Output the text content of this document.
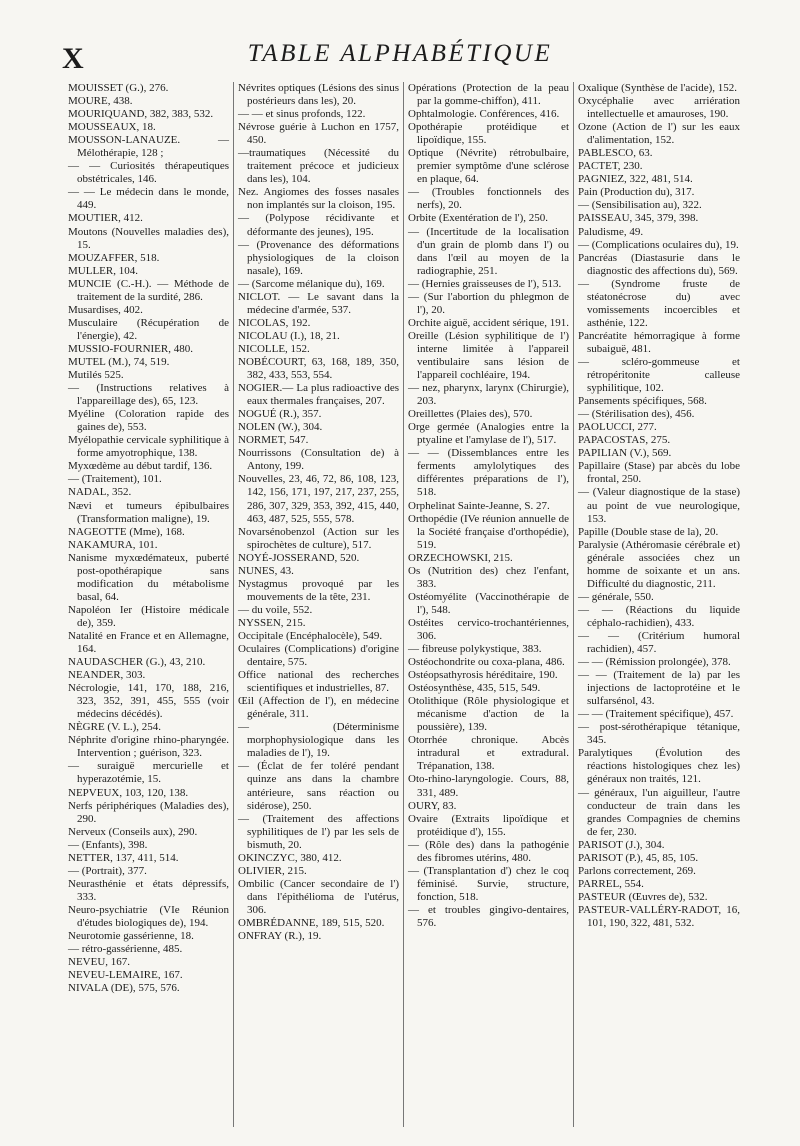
X	TABLE ALPHABÉTIQUE

MOUISSET (G.), 276.

MOURE, 438.

MOURIQUAND, 382, 383, 532.

MOUSSEAUX, 18.

MOUSSON-LANAUZE. — Mélothérapie, 128 ;

— — Curiosités thérapeutiques obstétricales, 146.

— — Le médecin dans le monde, 449.

MOUTIER, 412.

Moutons (Nouvelles maladies des), 15.

MOUZAFFER, 518.

MULLER, 104.

MUNCIE (C.-H.). — Méthode de traitement de la surdité, 286.

Musardises, 402.

Musculaire (Récupération de l'énergie), 42.

MUSSIO-FOURNIER, 480.

MUTEL (M.), 74, 519.

Mutilés 525.

— (Instructions relatives à l'appareillage des), 65, 123.

Myéline (Coloration rapide des gaines de), 553.

Myélopathie cervicale syphilitique à forme amyotrophique, 138.

Myxœdème au début tardif, 136.

— (Traitement), 101.

NADAL, 352.

Nævi et tumeurs épibulbaires (Transformation maligne), 19.

NAGEOTTE (Mme), 168.

NAKAMURA, 101.

Nanisme myxœdémateux, puberté post-opothérapique sans modification du métabolisme basal, 64.

Napoléon Ier (Histoire médicale de), 359.

Natalité en France et en Allemagne, 164.

NAUDASCHER (G.), 43, 210.

NEANDER, 303.

Nécrologie, 141, 170, 188, 216, 323, 352, 391, 455, 555 (voir médecins décédés).

NÈGRE (V. L.), 254.

Néphrite d'origine rhino-pharyngée. Intervention ; guérison, 323.

— suraiguë mercurielle et hyperazotémie, 15.

NEPVEUX, 103, 120, 138.

Nerfs périphériques (Maladies des), 290.

Nerveux (Conseils aux), 290.

— (Enfants), 398.

NETTER, 137, 411, 514.

— (Portrait), 377.

Neurasthénie et états dépressifs, 333.

Neuro-psychiatrie (VIe Réunion d'études biologiques de), 194.

Neurotomie gassérienne, 18.

— rétro-gassérienne, 485.

NEVEU, 167.

NEVEU-LEMAIRE, 167.

NIVALA (DE), 575, 576.

Névrites optiques (Lésions des sinus postérieurs dans les), 20.

— — et sinus profonds, 122.

Névrose guérie à Luchon en 1757, 450.

—traumatiques (Nécessité du traitement précoce et judicieux dans les), 104.

Nez. Angiomes des fosses nasales non implantés sur la cloison, 195.

— (Polypose récidivante et déformante des jeunes), 195.

— (Provenance des déformations physiologiques de la cloison nasale), 169.

— (Sarcome mélanique du), 169.

NICLOT. — Le savant dans la médecine d'armée, 537.

NICOLAS, 192.

NICOLAU (I.), 18, 21.

NICOLLE, 152.

NOBÉCOURT, 63, 168, 189, 350, 382, 433, 553, 554.

NOGIER.— La plus radioactive des eaux thermales françaises, 207.

NOGUÉ (R.), 357.

NOLEN (W.), 304.

NORMET, 547.

Nourrissons (Consultation de) à Antony, 199.

Nouvelles, 23, 46, 72, 86, 108, 123, 142, 156, 171, 197, 217, 237, 255, 286, 307, 329, 353, 392, 415, 440, 463, 487, 525, 555, 578.

Novarsénobenzol (Action sur les spirochètes de culture), 517.

NOYÉ-JOSSERAND, 520.

NUNES, 43.

Nystagmus provoqué par les mouvements de la tête, 231.

— du voile, 552.

NYSSEN, 215.

Occipitale (Encéphalocèle), 549.

Oculaires (Complications) d'origine dentaire, 575.

Office national des recherches scientifiques et industrielles, 87.

Œil (Affection de l'), en médecine générale, 311.

— (Déterminisme morphophysiologique dans les maladies de l'), 19.

— (Éclat de fer toléré pendant quinze ans dans la chambre antérieure, sans réaction ou sidérose), 250.

— (Traitement des affections syphilitiques de l') par les sels de bismuth, 20.

OKINCZYC, 380, 412.

OLIVIER, 215.

Ombilic (Cancer secondaire de l') dans l'épithélioma de l'utérus, 306.

OMBRÉDANNE, 189, 515, 520.

ONFRAY (R.), 19.

Opérations (Protection de la peau par la gomme-chiffon), 411.

Ophtalmologie. Conférences, 416.

Opothérapie protéidique et lipoïdique, 155.

Optique (Névrite) rétrobulbaire, premier symptôme d'une sclérose en plaque, 64.

— (Troubles fonctionnels des nerfs), 20.

Orbite (Exentération de l'), 250.

— (Incertitude de la localisation d'un grain de plomb dans l') ou dans l'œil au moyen de la radiographie, 251.

— (Hernies graisseuses de l'), 513.

— (Sur l'abortion du phlegmon de l'), 20.

Orchite aiguë, accident sérique, 191.

Oreille (Lésion syphilitique de l') interne limitée à l'appareil ventibulaire sans lésion de l'appareil cochléaire, 194.

— nez, pharynx, larynx (Chirurgie), 203.

Oreillettes (Plaies des), 570.

Orge germée (Analogies entre la ptyaline et l'amylase de l'), 517.

— — (Dissemblances entre les ferments amylolytiques des différentes préparations de l'), 518.

Orphelinat Sainte-Jeanne, S. 27.

Orthopédie (IVe réunion annuelle de la Société française d'orthopédie), 519.

ORZECHOWSKI, 215.

Os (Nutrition des) chez l'enfant, 383.

Ostéomyélite (Vaccinothérapie de l'), 548.

Ostéites cervico-trochantériennes, 306.

— fibreuse polykystique, 383.

Ostéochondrite ou coxa-plana, 486.

Ostéopsathyrosis héréditaire, 190.

Ostéosynthèse, 435, 515, 549.

Otolithique (Rôle physiologique et mécanisme d'action de la poussière), 139.

Otorrhée chronique. Abcès intradural et extradural. Trépanation, 138.

Oto-rhino-laryngologie. Cours, 88, 331, 489.

OURY, 83.

Ovaire (Extraits lipoïdique et protéidique d'), 155.

— (Rôle des) dans la pathogénie des fibromes utérins, 480.

— (Transplantation d') chez le coq féminisé. Survie, structure, fonction, 518.

— et troubles gingivo-dentaires, 576.

Oxalique (Synthèse de l'acide), 152.

Oxycéphalie avec arriération intellectuelle et amauroses, 190.

Ozone (Action de l') sur les eaux d'alimentation, 152.

PABLESCO, 63.

PACTET, 230.

PAGNIEZ, 322, 481, 514.

Pain (Production du), 317.

— (Sensibilisation au), 322.

PAISSEAU, 345, 379, 398.

Paludisme, 49.

— (Complications oculaires du), 19.

Pancréas (Diastasurie dans le diagnostic des affections du), 569.

— (Syndrome fruste de stéatonécrose du) avec vomissements incoercibles et asthénie, 122.

Pancréatite hémorragique à forme subaiguë, 481.

— scléro-gommeuse et rétropéritonite calleuse syphilitique, 102.

Pansements spécifiques, 568.

— (Stérilisation des), 456.

PAOLUCCI, 277.

PAPACOSTAS, 275.

PAPILIAN (V.), 569.

Papillaire (Stase) par abcès du lobe frontal, 250.

— (Valeur diagnostique de la stase) au point de vue neurologique, 153.

Papille (Double stase de la), 20.

Paralysie (Athéromasie cérébrale et) générale associées chez un homme de soixante et un ans. Difficulté du diagnostic, 211.

— générale, 550.

— — (Réactions du liquide céphalo-rachidien), 433.

— — (Critérium humoral rachidien), 457.

— — (Rémission prolongée), 378.

— — (Traitement de la) par les injections de lactoprotéine et le sulfarsénol, 43.

— — (Traitement spécifique), 457.

— post-sérothérapique tétanique, 345.

Paralytiques (Évolution des réactions histologiques chez les) généraux non traités, 121.

— généraux, l'un aiguilleur, l'autre conducteur de train dans les grandes Compagnies de chemins de fer, 230.

PARISOT (J.), 304.

PARISOT (P.), 45, 85, 105.

Parlons correctement, 269.

PARREL, 554.

PASTEUR (Œuvres de), 532.

PASTEUR-VALLÉRY-RADOT, 16, 101, 190, 322, 481, 532.
